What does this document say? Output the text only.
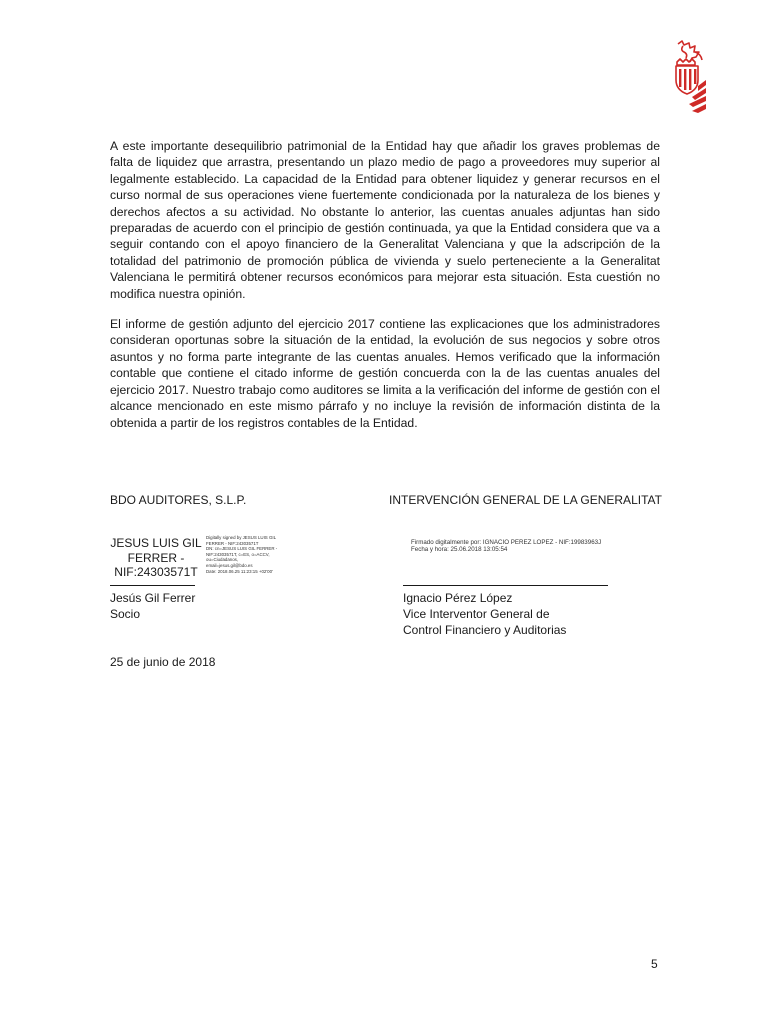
A este importante desequilibrio patrimonial de la Entidad hay que añadir los graves problemas de falta de liquidez que arrastra, presentando un plazo medio de pago a proveedores muy superior al legalmente establecido. La capacidad de la Entidad para obtener liquidez y generar recursos en el curso normal de sus operaciones viene fuertemente condicionada por la naturaleza de los bienes y derechos afectos a su actividad. No obstante lo anterior, las cuentas anuales adjuntas han sido preparadas de acuerdo con el principio de gestión continuada, ya que la Entidad considera que va a seguir contando con el apoyo financiero de la Generalitat Valenciana y que la adscripción de la totalidad del patrimonio de promoción pública de vivienda y suelo perteneciente a la Generalitat Valenciana le permitirá obtener recursos económicos para mejorar esta situación. Esta cuestión no modifica nuestra opinión.

El informe de gestión adjunto del ejercicio 2017 contiene las explicaciones que los administradores consideran oportunas sobre la situación de la entidad, la evolución de sus negocios y sobre otros asuntos y no forma parte integrante de las cuentas anuales. Hemos verificado que la información contable que contiene el citado informe de gestión concuerda con la de las cuentas anuales del ejercicio 2017. Nuestro trabajo como auditores se limita a la verificación del informe de gestión con el alcance mencionado en este mismo párrafo y no incluye la revisión de información distinta de la obtenida a partir de los registros contables de la Entidad.

BDO AUDITORES, S.L.P.
JESUS LUIS GIL FERRER - NIF:24303571T
Digitally signed by JESUS LUIS GIL
FERRER - NIF:24303571T
DN: cn=JESUS LUIS GIL FERRER -
NIF:24303571T, c=ES, o=ACCV,
ou=Ciudadanos,
email=jesus.gil@bdo.es
Date: 2018.06.25 11:23:15 +02'00'
Jesús Gil Ferrer
Socio
INTERVENCIÓN GENERAL DE LA GENERALITAT
Firmado digitalmente por: IGNACIO PEREZ LOPEZ - NIF:19983963J
Fecha y hora: 25.06.2018 13:05:54
Ignacio Pérez López
Vice Interventor General de
Control Financiero y Auditorias
25 de junio de 2018
5
